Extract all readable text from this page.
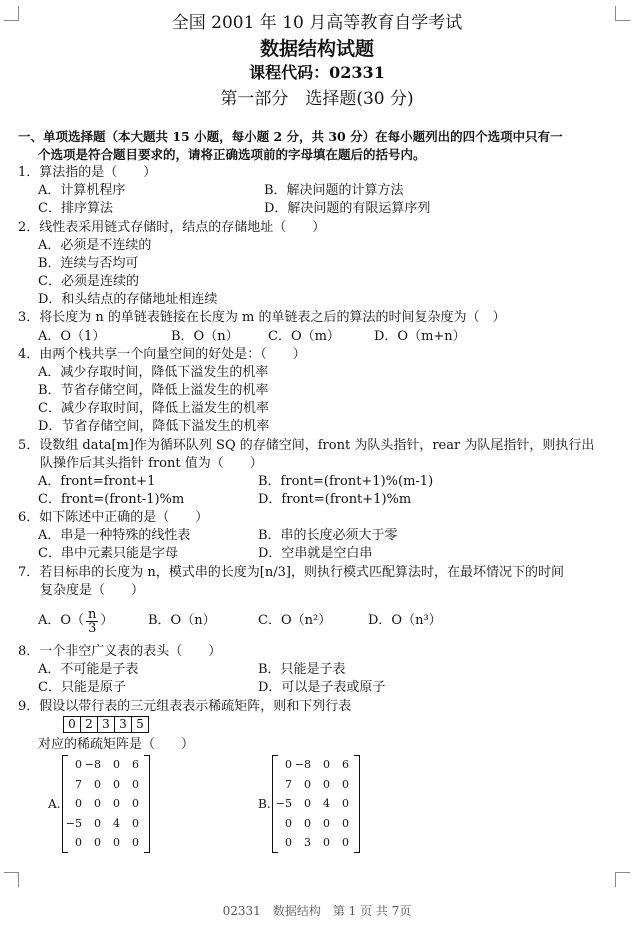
全国 2001 年 10 月高等教育自学考试
数据结构试题
课程代码：02331
第一部分　选择题(30 分)
一、单项选择题（本大题共 15 小题，每小题 2 分，共 30 分）在每小题列出的四个选项中只有一
个选项是符合题目要求的，请将正确选项前的字母填在题后的括号内。
1．算法指的是（　　）
A．计算机程序	B．解决问题的计算方法
C．排序算法	D．解决问题的有限运算序列
2．线性表采用链式存储时，结点的存储地址（　　）
A．必须是不连续的
B．连续与否均可
C．必须是连续的
D．和头结点的存储地址相连续
3．将长度为 n 的单链表链接在长度为 m 的单链表之后的算法的时间复杂度为（　）
A．O（1）	B．O（n） C．O（m）	D．O（m+n）
4．由两个栈共享一个向量空间的好处是：（　　）
A．减少存取时间，降低下溢发生的机率
B．节省存储空间，降低上溢发生的机率
C．减少存取时间，降低上溢发生的机率
D．节省存储空间，降低下溢发生的机率
5．设数组 data[m]作为循环队列 SQ 的存储空间，front 为队头指针，rear 为队尾指针，则执行出
队操作后其头指针 front 值为（　　）
A．front=front+1	B．front=(front+1)%(m-1)
C．front=(front-1)%m	D．front=(front+1)%m
6．如下陈述中正确的是（　　）
A．串是一种特殊的线性表	B．串的长度必须大于零
C．串中元素只能是字母	D．空串就是空白串
7．若目标串的长度为 n，模式串的长度为[n/3]，则执行模式匹配算法时，在最坏情况下的时间
复杂度是（　　）
A．$O( \frac{n}{3}$ ）	B．O（n）	C．O（n²）	D．O（n³）
8．一个非空广义表的表头（　　）
A．不可能是子表	B．只能是子表
C．只能是原子	D．可以是子表或原子
9．假设以带行表的三元组表表示稀疏矩阵，则和下列行表
0 2 3 3 5
对应的稀疏矩阵是（　　）
A.
0 −8	0	6
7	0	0	0
0	0	0	0
−5	0	4	0
0	0	0	0
B.
0 −8	0	6
7	0	0	0
−5	0	4	0
0	0	0	0
0	3	0	0
02331　数据结构　第 1 页 共 7页
